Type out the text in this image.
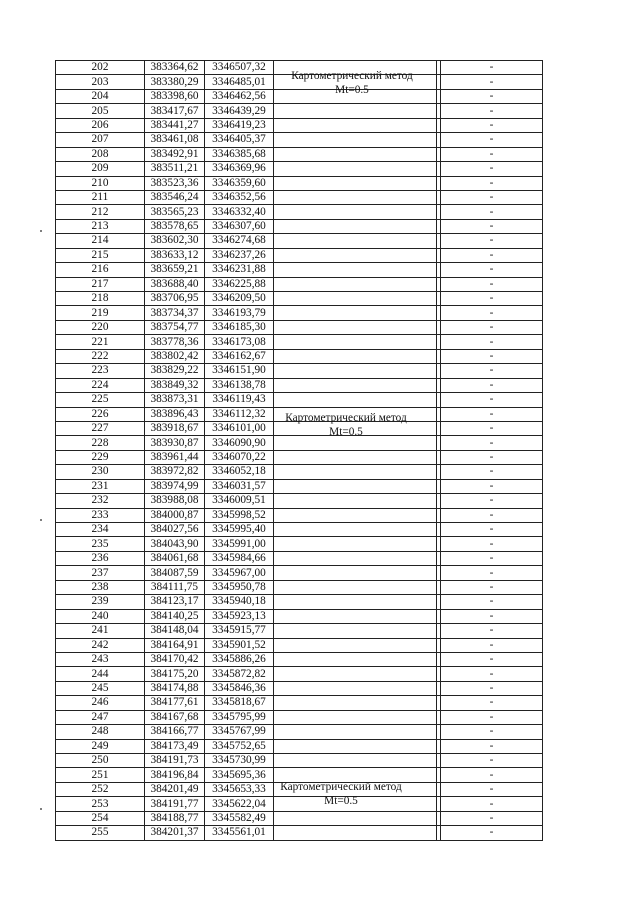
202	383364,62	3346507,32			-
203	383380,29	3346485,01			-
204	383398,60	3346462,56			-
205	383417,67	3346439,29			-
206	383441,27	3346419,23			-
207	383461,08	3346405,37			-
208	383492,91	3346385,68			-
209	383511,21	3346369,96			-
210	383523,36	3346359,60			-
211	383546,24	3346352,56			-
212	383565,23	3346332,40			-
213	383578,65	3346307,60			-
214	383602,30	3346274,68			-
215	383633,12	3346237,26			-
216	383659,21	3346231,88			-
217	383688,40	3346225,88			-
218	383706,95	3346209,50			-
219	383734,37	3346193,79			-
220	383754,77	3346185,30			-
221	383778,36	3346173,08			-
222	383802,42	3346162,67			-
223	383829,22	3346151,90			-
224	383849,32	3346138,78			-
225	383873,31	3346119,43			-
226	383896,43	3346112,32			-
227	383918,67	3346101,00			-
228	383930,87	3346090,90			-
229	383961,44	3346070,22			-
230	383972,82	3346052,18			-
231	383974,99	3346031,57			-
232	383988,08	3346009,51			-
233	384000,87	3345998,52			-
234	384027,56	3345995,40			-
235	384043,90	3345991,00			-
236	384061,68	3345984,66			-
237	384087,59	3345967,00			-
238	384111,75	3345950,78			-
239	384123,17	3345940,18			-
240	384140,25	3345923,13			-
241	384148,04	3345915,77			-
242	384164,91	3345901,52			-
243	384170,42	3345886,26			-
244	384175,20	3345872,82			-
245	384174,88	3345846,36			-
246	384177,61	3345818,67			-
247	384167,68	3345795,99			-
248	384166,77	3345767,99			-
249	384173,49	3345752,65			-
250	384191,73	3345730,99			-
251	384196,84	3345695,36			-
252	384201,49	3345653,33			-
253	384191,77	3345622,04			-
254	384188,77	3345582,49			-
255	384201,37	3345561,01			-
Картометрический метод
Mt=0.5
Картометрический метод
Mt=0.5
Картометрический метод
Mt=0.5
